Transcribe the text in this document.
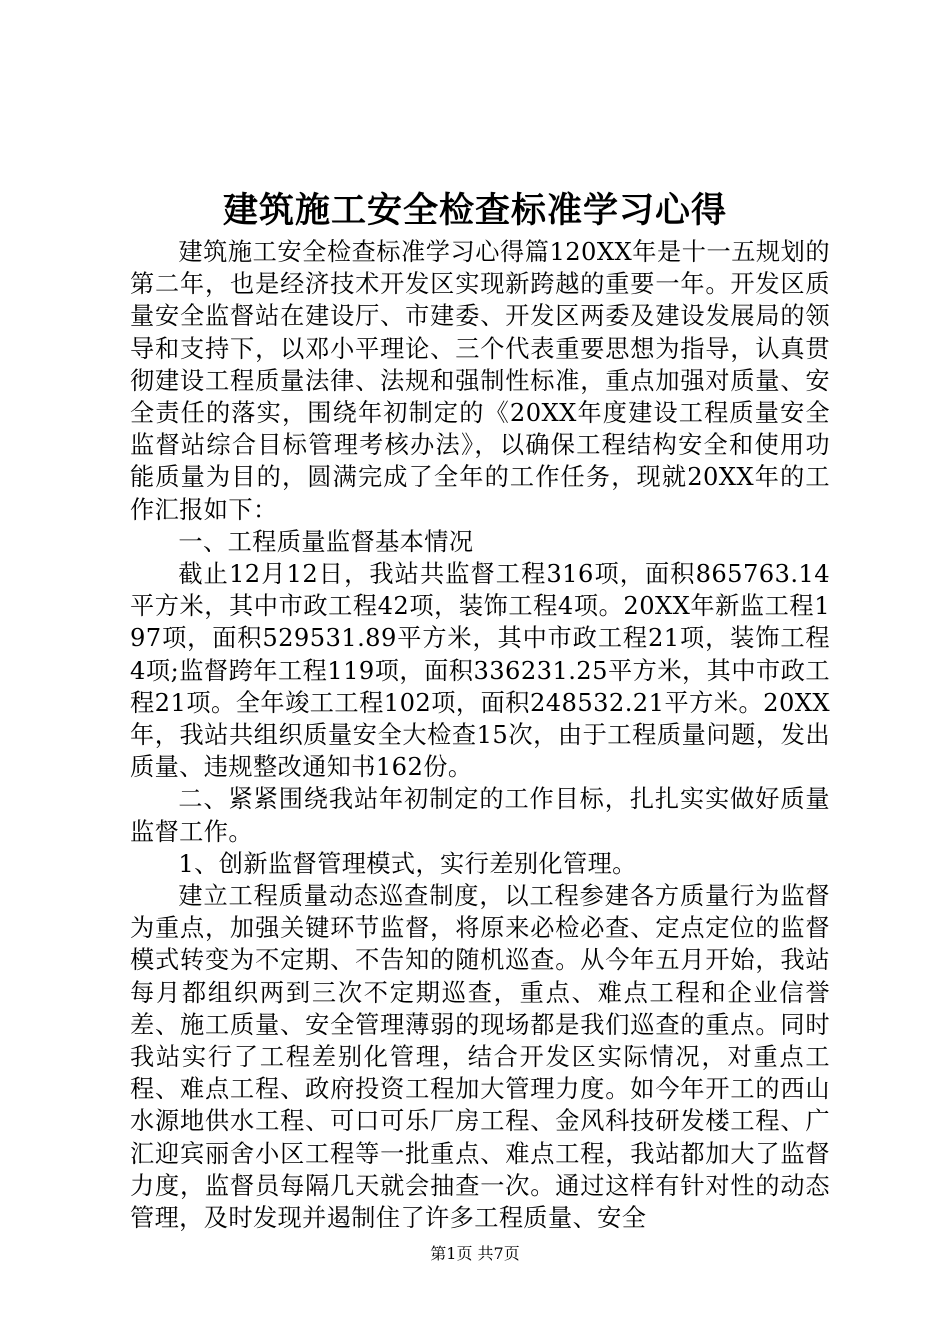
建筑施工安全检查标准学习心得

建筑施工安全检查标准学习心得篇120XX年是十一五规划的第二年，也是经济技术开发区实现新跨越的重要一年。开发区质量安全监督站在建设厅、市建委、开发区两委及建设发展局的领导和支持下，以邓小平理论、三个代表重要思想为指导，认真贯彻建设工程质量法律、法规和强制性标准，重点加强对质量、安全责任的落实，围绕年初制定的《20XX年度建设工程质量安全监督站综合目标管理考核办法》，以确保工程结构安全和使用功能质量为目的，圆满完成了全年的工作任务，现就20XX年的工作汇报如下：

一、工程质量监督基本情况

截止12月12日，我站共监督工程316项，面积865763.14平方米，其中市政工程42项，装饰工程4项。20XX年新监工程197项，面积529531.89平方米，其中市政工程21项，装饰工程4项;监督跨年工程119项，面积336231.25平方米，其中市政工程21项。全年竣工工程102项，面积248532.21平方米。20XX年，我站共组织质量安全大检查15次，由于工程质量问题，发出质量、违规整改通知书162份。

二、紧紧围绕我站年初制定的工作目标，扎扎实实做好质量监督工作。

1、创新监督管理模式，实行差别化管理。

建立工程质量动态巡查制度，以工程参建各方质量行为监督为重点，加强关键环节监督，将原来必检必查、定点定位的监督模式转变为不定期、不告知的随机巡查。从今年五月开始，我站每月都组织两到三次不定期巡查，重点、难点工程和企业信誉差、施工质量、安全管理薄弱的现场都是我们巡查的重点。同时我站实行了工程差别化管理，结合开发区实际情况，对重点工程、难点工程、政府投资工程加大管理力度。如今年开工的西山水源地供水工程、可口可乐厂房工程、金风科技研发楼工程、广汇迎宾丽舍小区工程等一批重点、难点工程，我站都加大了监督力度，监督员每隔几天就会抽查一次。通过这样有针对性的动态管理，及时发现并遏制住了许多工程质量、安全

第1页 共7页
